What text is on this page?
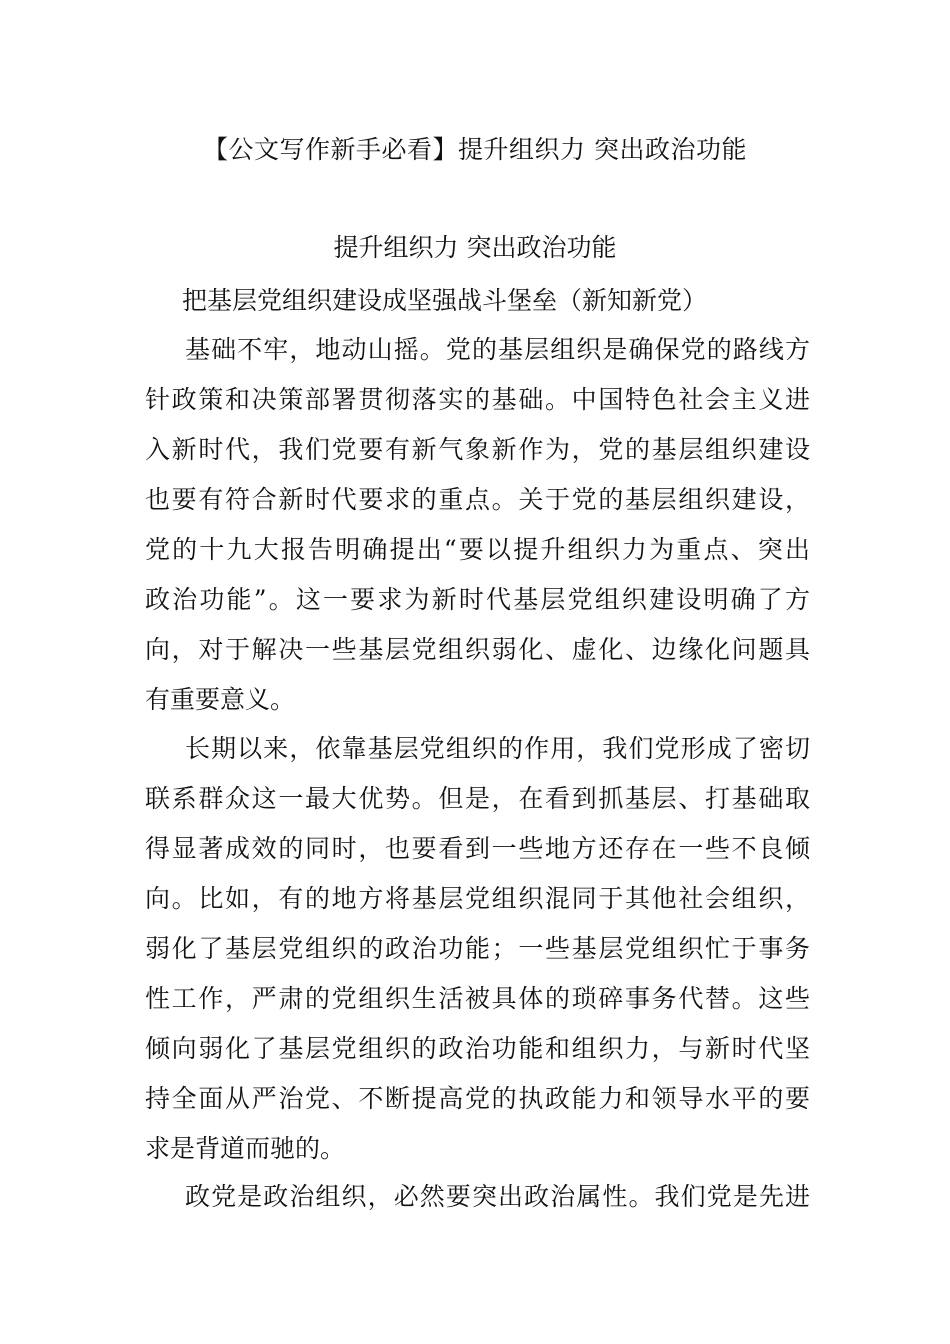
【公文写作新手必看】提升组织力 突出政治功能
提升组织力 突出政治功能
把基层党组织建设成坚强战斗堡垒（新知新党）
基础不牢，地动山摇。党的基层组织是确保党的路线方
针政策和决策部署贯彻落实的基础。中国特色社会主义进
入新时代，我们党要有新气象新作为，党的基层组织建设
也要有符合新时代要求的重点。关于党的基层组织建设，
党的十九大报告明确提出“要以提升组织力为重点、突出
政治功能”。这一要求为新时代基层党组织建设明确了方
向，对于解决一些基层党组织弱化、虚化、边缘化问题具
有重要意义。
长期以来，依靠基层党组织的作用，我们党形成了密切
联系群众这一最大优势。但是，在看到抓基层、打基础取
得显著成效的同时，也要看到一些地方还存在一些不良倾
向。比如，有的地方将基层党组织混同于其他社会组织，
弱化了基层党组织的政治功能；一些基层党组织忙于事务
性工作，严肃的党组织生活被具体的琐碎事务代替。这些
倾向弱化了基层党组织的政治功能和组织力，与新时代坚
持全面从严治党、不断提高党的执政能力和领导水平的要
求是背道而驰的。
政党是政治组织，必然要突出政治属性。我们党是先进
